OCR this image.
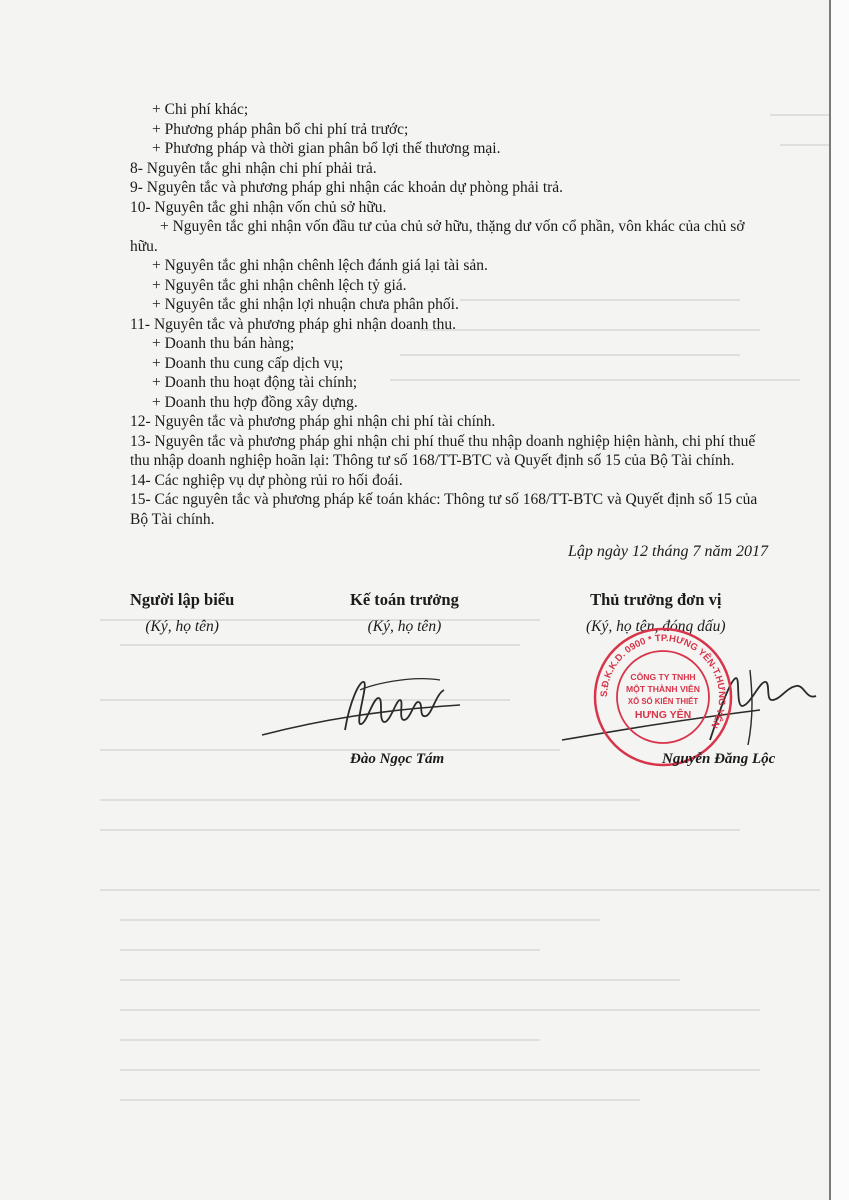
+ Chi phí khác;
+ Phương pháp phân bổ chi phí trả trước;
+ Phương pháp và thời gian phân bổ lợi thế thương mại.
8- Nguyên tắc ghi nhận chi phí phải trả.
9- Nguyên tắc và phương pháp ghi nhận các khoản dự phòng phải trả.
10- Nguyên tắc ghi nhận vốn chủ sở hữu.
+ Nguyên tắc ghi nhận vốn đầu tư của chủ sở hữu, thặng dư vốn cổ phần, vôn khác của chủ sở
hữu.
+ Nguyên tắc ghi nhận chênh lệch đánh giá lại tài sản.
+ Nguyên tắc ghi nhận chênh lệch tỷ giá.
+ Nguyên tắc ghi nhận lợi nhuận chưa phân phối.
11- Nguyên tắc và phương pháp ghi nhận doanh thu.
+ Doanh thu bán hàng;
+ Doanh thu cung cấp dịch vụ;
+ Doanh thu hoạt động tài chính;
+ Doanh thu hợp đồng xây dựng.
12- Nguyên tắc và phương pháp ghi nhận chi phí tài chính.
13- Nguyên tắc và phương pháp ghi nhận chi phí thuế thu nhập doanh nghiệp hiện hành, chi phí thuế
thu nhập doanh nghiệp hoãn lại: Thông tư số 168/TT-BTC và Quyết định số 15 của Bộ Tài chính.
14- Các nghiệp vụ dự phòng rủi ro hối đoái.
15- Các nguyên tắc và phương pháp kế toán khác: Thông tư số 168/TT-BTC và Quyết định số 15 của
Bộ Tài chính.
Lập ngày 12 tháng 7 năm 2017
Người lập biểu
(Ký, họ tên)
Kế toán trưởng
(Ký, họ tên)
Thủ trưởng đơn vị
(Ký, họ tên, đóng dấu)
S.Đ.K.K.D. 0900 * TP.HƯNG YÊN-T.HƯNG YÊN
CÔNG TY TNHH
MỘT THÀNH VIÊN
XỔ SỐ KIẾN THIẾT
HƯNG YÊN
Đào Ngọc Tám	Nguyễn Đăng Lộc
